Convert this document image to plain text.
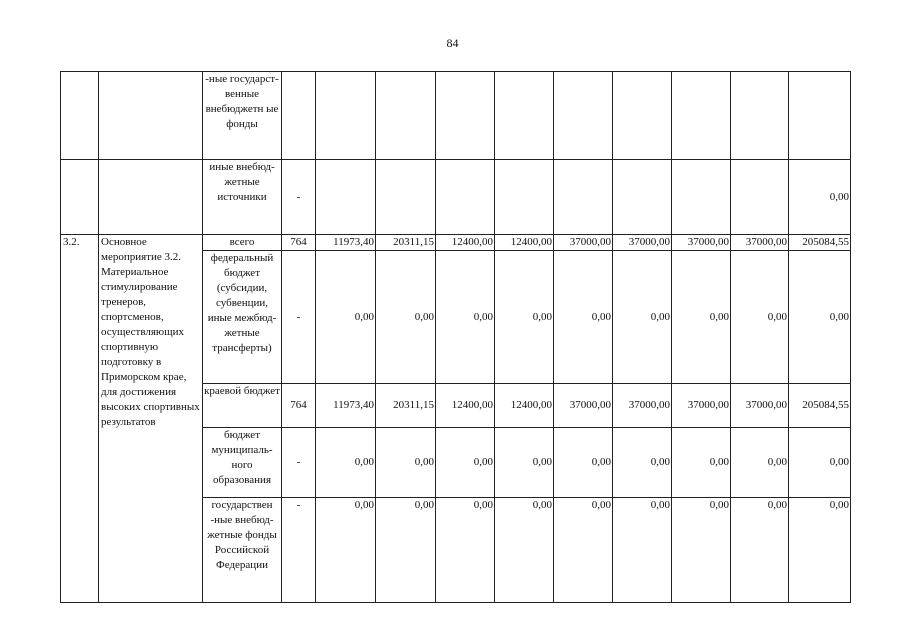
84
		-ные государст-венные внебюджетн ые фонды										
		иные внебюд-жетные источники	-									0,00
3.2.	Основное мероприятие 3.2. Материальное стимулирование тренеров, спортсменов, осуществляющих спортивную подготовку в Приморском крае, для достижения высоких спортивных результатов	всего	764	11973,40	20311,15	12400,00	12400,00	37000,00	37000,00	37000,00	37000,00	205084,55
		федеральный бюджет (субсидии, субвенции, иные межбюд-жетные трансферты)	-	0,00	0,00	0,00	0,00	0,00	0,00	0,00	0,00	0,00
		краевой бюджет	764	11973,40	20311,15	12400,00	12400,00	37000,00	37000,00	37000,00	37000,00	205084,55
		бюджет муниципаль-ного образования	-	0,00	0,00	0,00	0,00	0,00	0,00	0,00	0,00	0,00
		государствен -ные внебюд-жетные фонды Российской Федерации	-	0,00	0,00	0,00	0,00	0,00	0,00	0,00	0,00	0,00
